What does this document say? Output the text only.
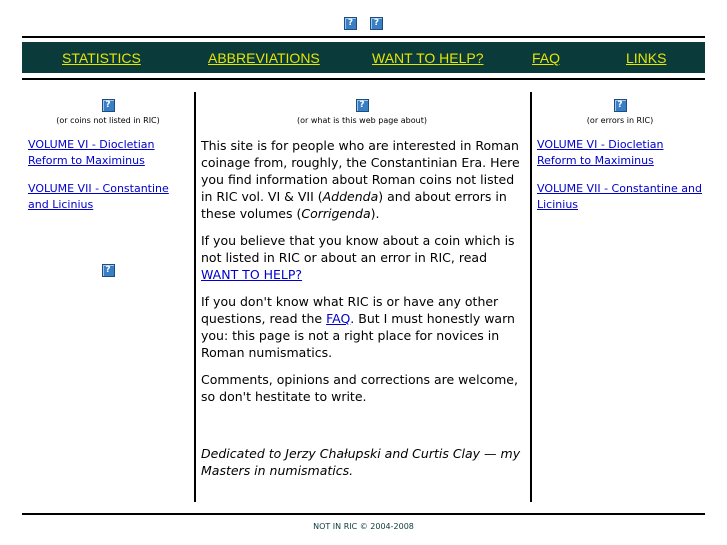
? ?
STATISTICS	ABBREVIATIONS	WANT TO HELP?	FAQ	LINKS
?
(or coins not listed in RIC)
VOLUME VI - Diocletian Reform to Maximinus
VOLUME VII - Constantine and Licinius
?
?
(or what is this web page about)

This site is for people who are interested in Roman coinage from, roughly, the Constantinian Era. Here you find information about Roman coins not listed in RIC vol. VI & VII (Addenda) and about errors in these volumes (Corrigenda).

If you believe that you know about a coin which is not listed in RIC or about an error in RIC, read WANT TO HELP?

If you don't know what RIC is or have any other questions, read the FAQ. But I must honestly warn you: this page is not a right place for novices in Roman numismatics.

Comments, opinions and corrections are welcome, so don't hestitate to write.

Dedicated to Jerzy Chałupski and Curtis Clay — my Masters in numismatics.

?
(or errors in RIC)
VOLUME VI - Diocletian Reform to Maximinus
VOLUME VII - Constantine and Licinius
NOT IN RIC © 2004-2008
